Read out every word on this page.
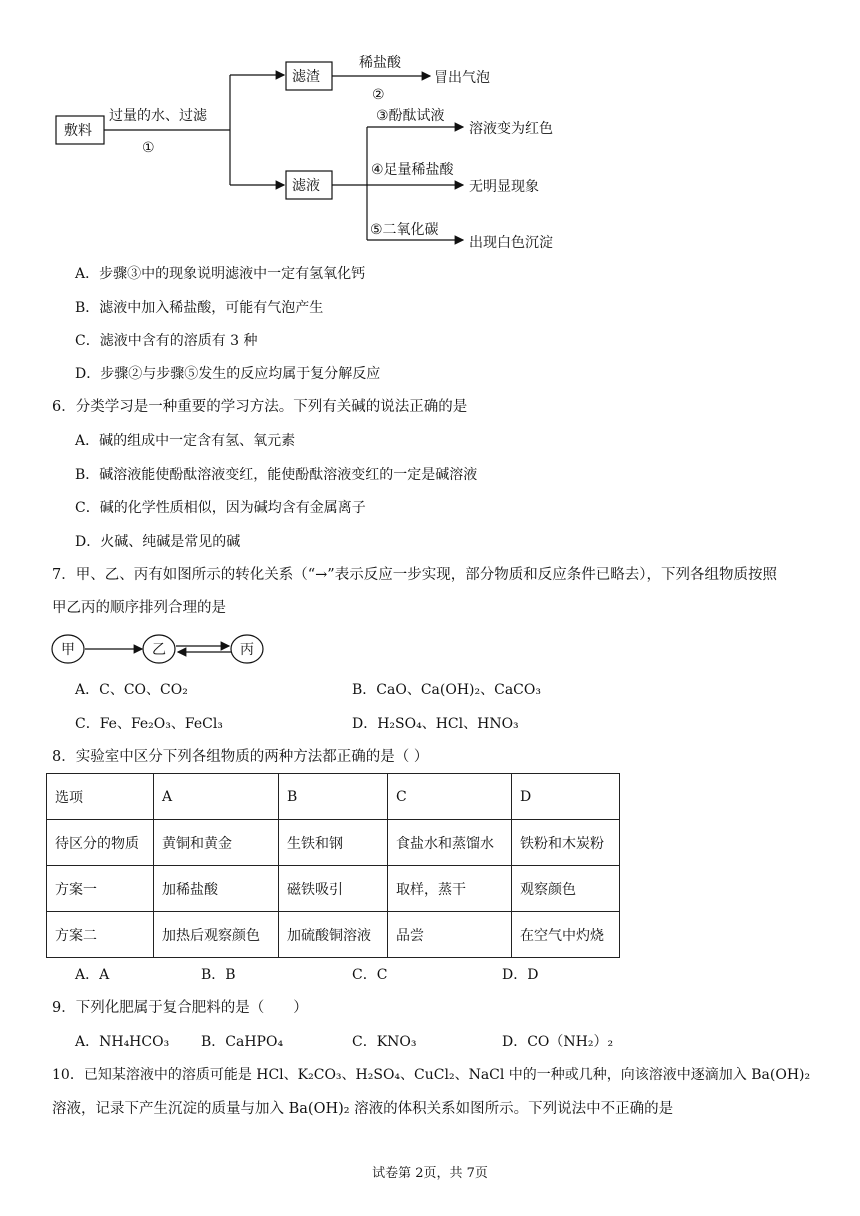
敷料
过量的水、过滤
①
滤渣
稀盐酸
②
冒出气泡
滤液
③酚酞试液
溶液变为红色
④足量稀盐酸
无明显现象
⑤二氧化碳
出现白色沉淀
A．步骤③中的现象说明滤液中一定有氢氧化钙
B．滤液中加入稀盐酸，可能有气泡产生
C．滤液中含有的溶质有 3 种
D．步骤②与步骤⑤发生的反应均属于复分解反应
6．分类学习是一种重要的学习方法。下列有关碱的说法正确的是
A．碱的组成中一定含有氢、氧元素
B．碱溶液能使酚酞溶液变红，能使酚酞溶液变红的一定是碱溶液
C．碱的化学性质相似，因为碱均含有金属离子
D．火碱、纯碱是常见的碱
7．甲、乙、丙有如图所示的转化关系（“→”表示反应一步实现，部分物质和反应条件已略去），下列各组物质按照
甲乙丙的顺序排列合理的是
甲	乙	丙
A．C、CO、CO₂	B．CaO、Ca(OH)₂、CaCO₃
C．Fe、Fe₂O₃、FeCl₃	D．H₂SO₄、HCl、HNO₃
8．实验室中区分下列各组物质的两种方法都正确的是（ ）
选项	A	B	C	D
待区分的物质	黄铜和黄金	生铁和钢	食盐水和蒸馏水	铁粉和木炭粉
方案一	加稀盐酸	磁铁吸引	取样，蒸干	观察颜色
方案二	加热后观察颜色	加硫酸铜溶液	品尝	在空气中灼烧
A．A	B．B	C．C	D．D
9．下列化肥属于复合肥料的是（　　）
A．NH₄HCO₃ B．CaHPO₄	C．KNO₃	D．CO（NH₂）₂
10．已知某溶液中的溶质可能是 HCl、K₂CO₃、H₂SO₄、CuCl₂、NaCl 中的一种或几种，向该溶液中逐滴加入 Ba(OH)₂
溶液，记录下产生沉淀的质量与加入 Ba(OH)₂ 溶液的体积关系如图所示。下列说法中不正确的是
试卷第 2页，共 7页
